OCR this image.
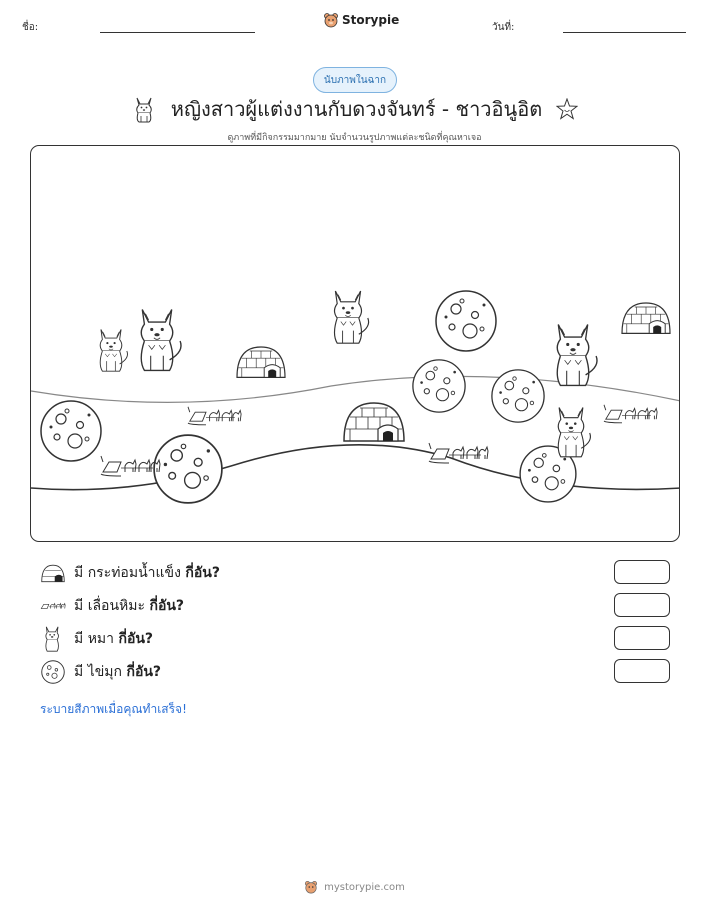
ชื่อ:
Storypie
วันที่:
นับภาพในฉาก
หญิงสาวผู้แต่งงานกับดวงจันทร์ - ชาวอินูอิต
ดูภาพที่มีกิจกรรมมากมาย นับจำนวนรูปภาพแต่ละชนิดที่คุณหาเจอ
มี กระท่อมน้ำแข็ง กี่อัน?
มี เลื่อนหิมะ กี่อัน?
มี หมา กี่อัน?
มี ไข่มุก กี่อัน?
ระบายสีภาพเมื่อคุณทำเสร็จ!
mystorypie.com
